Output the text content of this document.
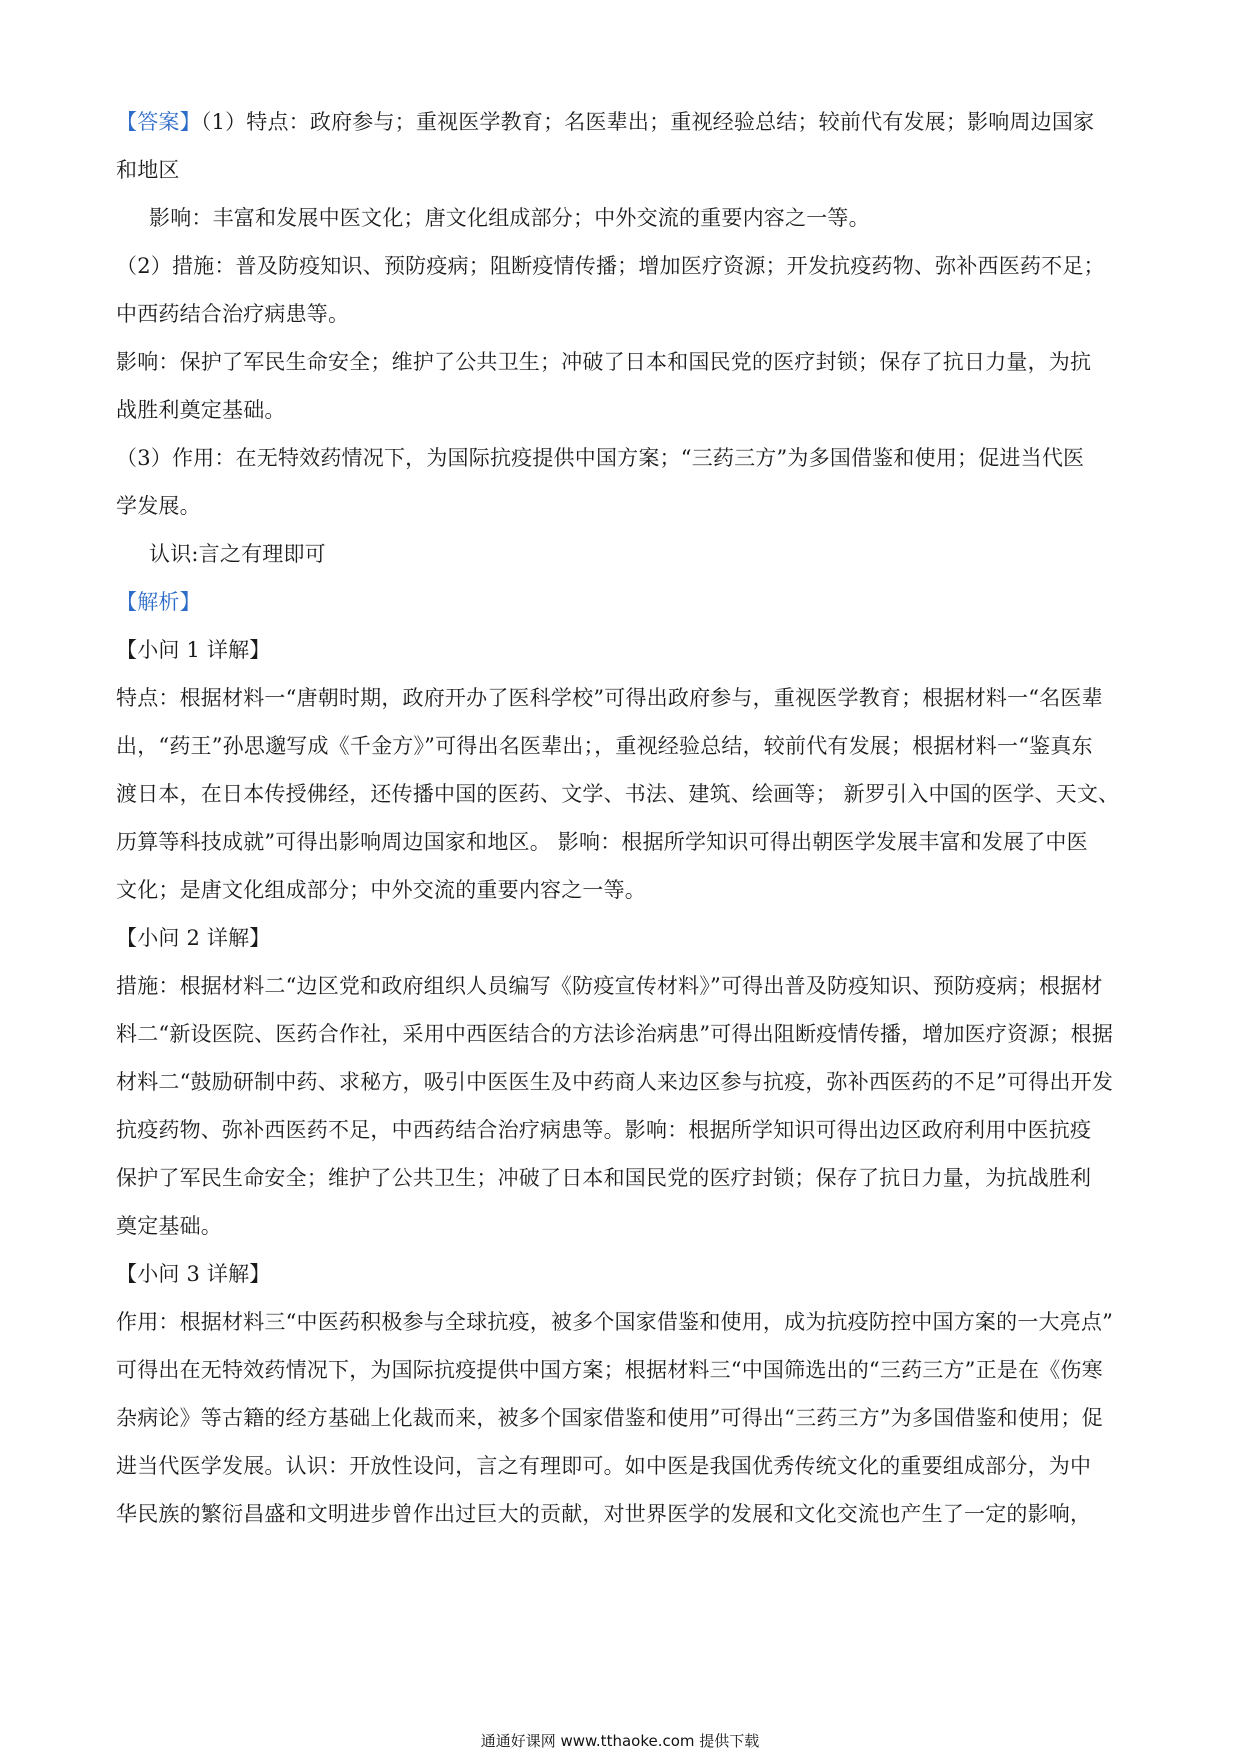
【答案】（1）特点：政府参与；重视医学教育；名医辈出；重视经验总结；较前代有发展；影响周边国家
和地区
影响：丰富和发展中医文化；唐文化组成部分；中外交流的重要内容之一等。
（2）措施：普及防疫知识、预防疫病；阻断疫情传播；增加医疗资源；开发抗疫药物、弥补西医药不足；
中西药结合治疗病患等。
影响：保护了军民生命安全；维护了公共卫生；冲破了日本和国民党的医疗封锁；保存了抗日力量，为抗
战胜利奠定基础。
（3）作用：在无特效药情况下，为国际抗疫提供中国方案；“三药三方”为多国借鉴和使用；促进当代医
学发展。
认识:言之有理即可
【解析】
【小问 1 详解】
特点：根据材料一“唐朝时期，政府开办了医科学校”可得出政府参与，重视医学教育；根据材料一“名医辈
出，“药王”孙思邈写成《千金方》”可得出名医辈出；，重视经验总结，较前代有发展；根据材料一“鉴真东
渡日本，在日本传授佛经，还传播中国的医药、文学、书法、建筑、绘画等； 新罗引入中国的医学、天文、
历算等科技成就”可得出影响周边国家和地区。 影响：根据所学知识可得出朝医学发展丰富和发展了中医
文化；是唐文化组成部分；中外交流的重要内容之一等。
【小问 2 详解】
措施：根据材料二“边区党和政府组织人员编写《防疫宣传材料》”可得出普及防疫知识、预防疫病；根据材
料二“新设医院、医药合作社，采用中西医结合的方法诊治病患”可得出阻断疫情传播，增加医疗资源；根据
材料二“鼓励研制中药、求秘方，吸引中医医生及中药商人来边区参与抗疫，弥补西医药的不足”可得出开发
抗疫药物、弥补西医药不足，中西药结合治疗病患等。影响：根据所学知识可得出边区政府利用中医抗疫
保护了军民生命安全；维护了公共卫生；冲破了日本和国民党的医疗封锁；保存了抗日力量，为抗战胜利
奠定基础。
【小问 3 详解】
作用：根据材料三“中医药积极参与全球抗疫，被多个国家借鉴和使用，成为抗疫防控中国方案的一大亮点”
可得出在无特效药情况下，为国际抗疫提供中国方案；根据材料三“中国筛选出的“三药三方”正是在《伤寒
杂病论》等古籍的经方基础上化裁而来，被多个国家借鉴和使用”可得出“三药三方”为多国借鉴和使用；促
进当代医学发展。认识：开放性设问，言之有理即可。如中医是我国优秀传统文化的重要组成部分，为中
华民族的繁衍昌盛和文明进步曾作出过巨大的贡献，对世界医学的发展和文化交流也产生了一定的影响，
通通好课网 www.tthaoke.com 提供下载
